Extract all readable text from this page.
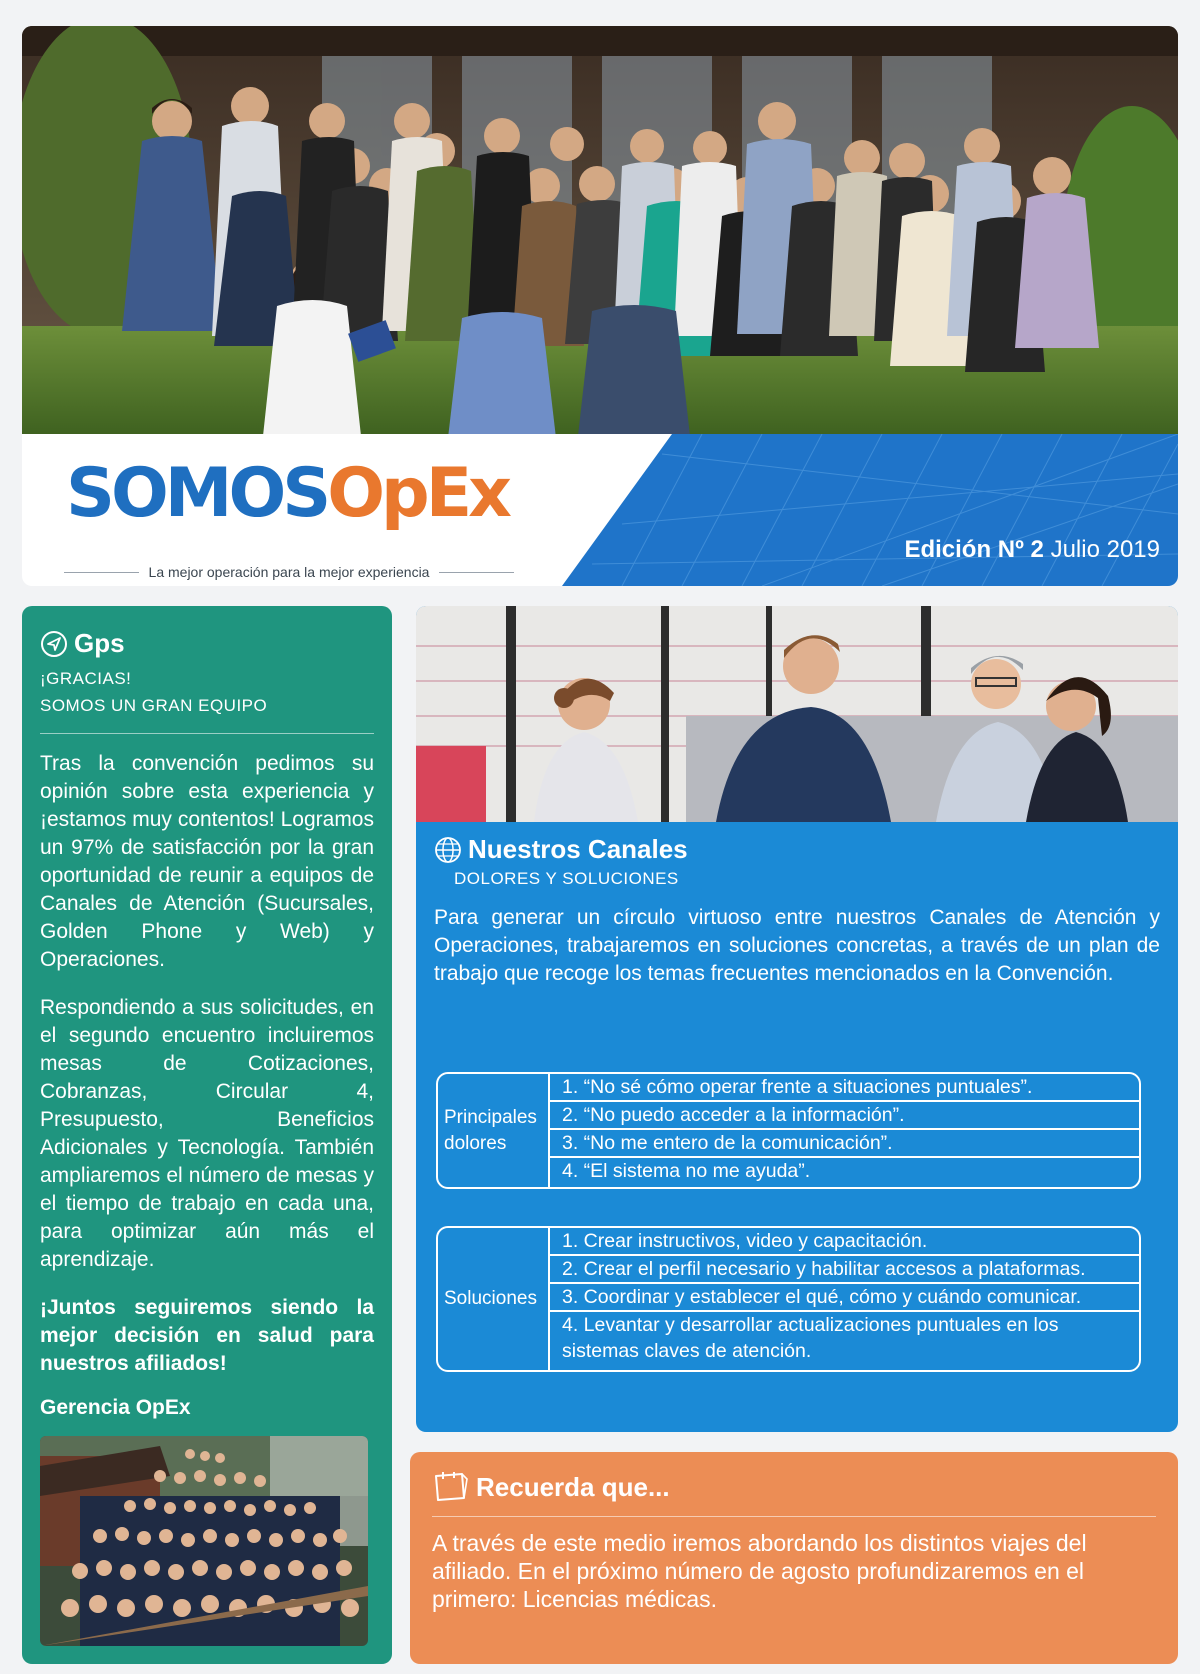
SOMOSOpEx
La mejor operación para la mejor experiencia
Edición Nº 2 Julio 2019
Gps
¡GRACIAS!
SOMOS UN GRAN EQUIPO

Tras la convención pedimos su opinión sobre esta experiencia y ¡estamos muy contentos! Logramos un 97% de satisfacción por la gran oportunidad de reunir a equipos de Canales de Atención (Sucursales, Golden Phone y Web) y Operaciones.

Respondiendo a sus solicitudes, en el segundo encuentro incluiremos mesas de Cotizaciones, Cobranzas, Circular 4, Presupuesto, Beneficios Adicionales y Tecnología. También ampliaremos el número de mesas y el tiempo de trabajo en cada una, para optimizar aún más el aprendizaje.

¡Juntos seguiremos siendo la mejor decisión en salud para nuestros afiliados!

Gerencia OpEx
Nuestros Canales
DOLORES Y SOLUCIONES
Para generar un círculo virtuoso entre nuestros Canales de Atención y Operaciones, trabajaremos en soluciones concretas, a través de un plan de trabajo que recoge los temas frecuentes mencionados en la Convención.
Principales dolores
1. “No sé cómo operar frente a situaciones puntuales”.
2. “No puedo acceder a la información”.
3. “No me entero de la comunicación”.
4. “El sistema no me ayuda”.
Soluciones
1. Crear instructivos, video y capacitación.
2. Crear el perfil necesario y habilitar accesos a plataformas.
3. Coordinar y establecer el qué, cómo y cuándo comunicar.
4. Levantar y desarrollar actualizaciones puntuales en los sistemas claves de atención.
Recuerda que...
A través de este medio iremos abordando los distintos viajes del afiliado. En el próximo número de agosto profundizaremos en el primero: Licencias médicas.
